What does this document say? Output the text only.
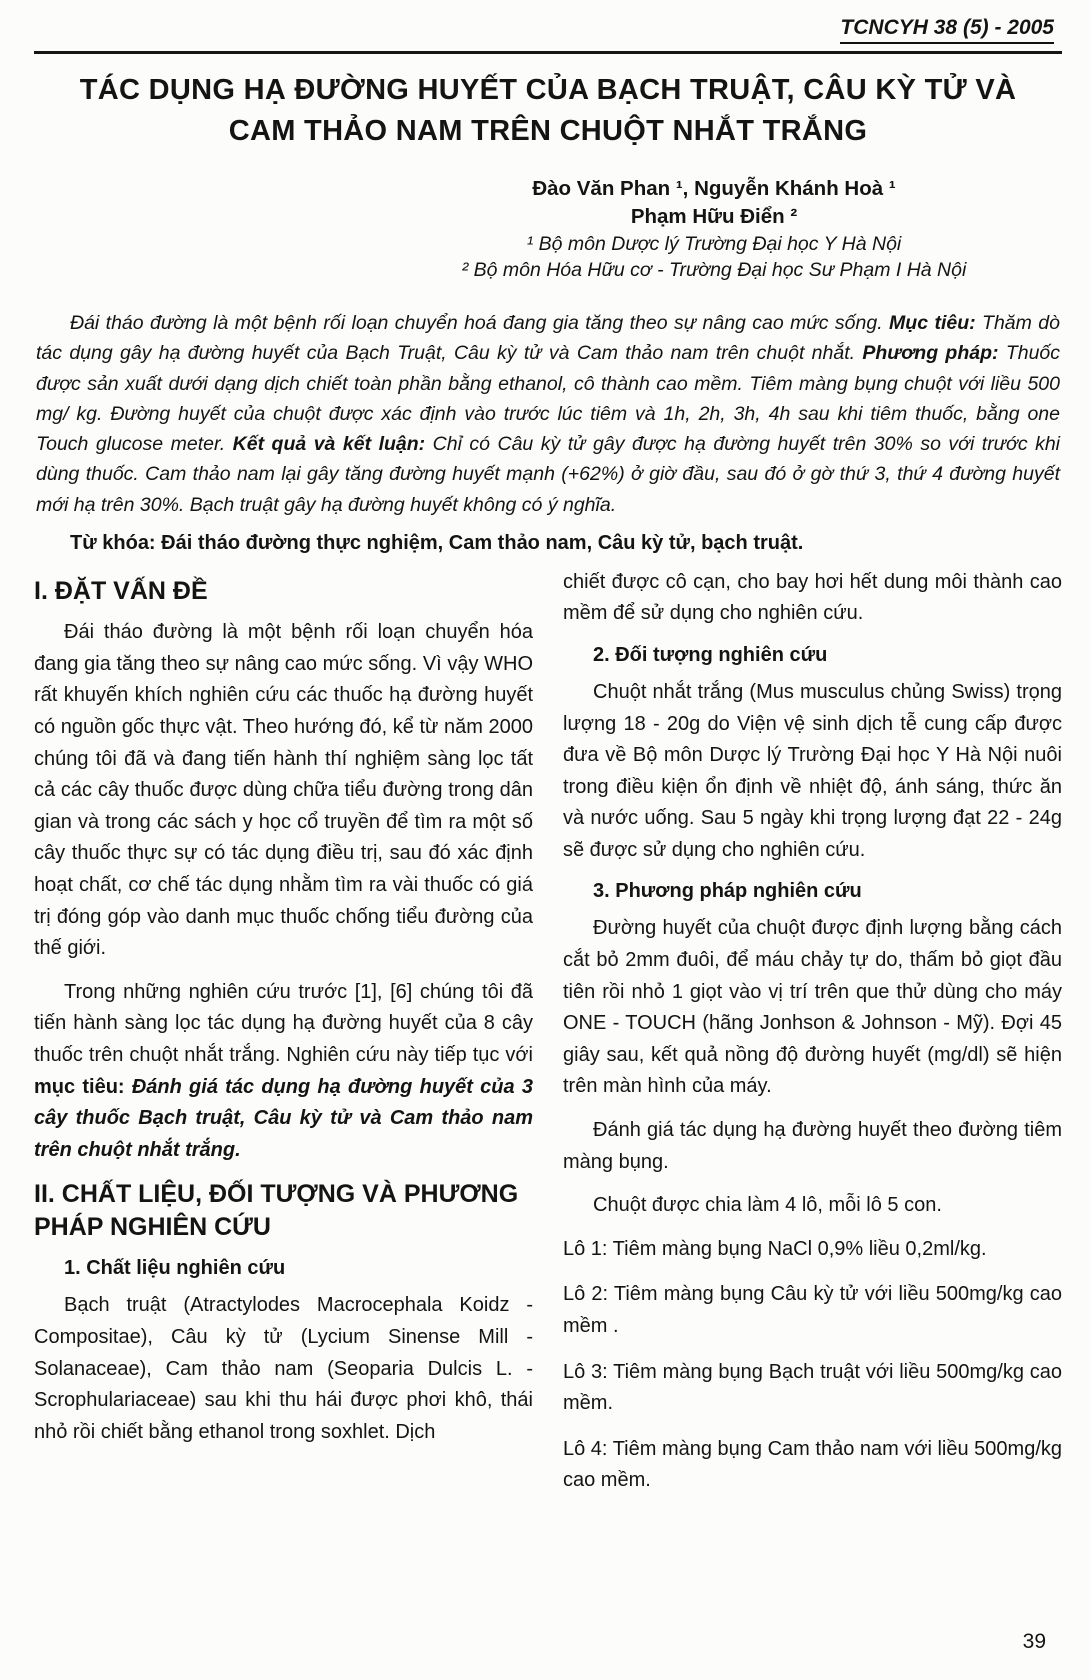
TCNCYH 38 (5) - 2005
TÁC DỤNG HẠ ĐƯỜNG HUYẾT CỦA BẠCH TRUẬT, CÂU KỲ TỬ VÀ CAM THẢO NAM TRÊN CHUỘT NHẮT TRẮNG

Đào Văn Phan ¹, Nguyễn Khánh Hoà ¹

Phạm Hữu Điển ²

¹ Bộ môn Dược lý Trường Đại học Y Hà Nội

² Bộ môn Hóa Hữu cơ - Trường Đại học Sư Phạm I Hà Nội

Đái tháo đường là một bệnh rối loạn chuyển hoá đang gia tăng theo sự nâng cao mức sống. Mục tiêu: Thăm dò tác dụng gây hạ đường huyết của Bạch Truật, Câu kỳ tử và Cam thảo nam trên chuột nhắt. Phương pháp: Thuốc được sản xuất dưới dạng dịch chiết toàn phần bằng ethanol, cô thành cao mềm. Tiêm màng bụng chuột với liều 500 mg/ kg. Đường huyết của chuột được xác định vào trước lúc tiêm và 1h, 2h, 3h, 4h sau khi tiêm thuốc, bằng one Touch glucose meter. Kết quả và kết luận: Chỉ có Câu kỳ tử gây được hạ đường huyết trên 30% so với trước khi dùng thuốc. Cam thảo nam lại gây tăng đường huyết mạnh (+62%) ở giờ đầu, sau đó ở gờ thứ 3, thứ 4 đường huyết mới hạ trên 30%. Bạch truật gây hạ đường huyết không có ý nghĩa.

Từ khóa: Đái tháo đường thực nghiệm, Cam thảo nam, Câu kỳ tử, bạch truật.

I. ĐẶT VẤN ĐỀ

Đái tháo đường là một bệnh rối loạn chuyển hóa đang gia tăng theo sự nâng cao mức sống. Vì vậy WHO rất khuyến khích nghiên cứu các thuốc hạ đường huyết có nguồn gốc thực vật. Theo hướng đó, kể từ năm 2000 chúng tôi đã và đang tiến hành thí nghiệm sàng lọc tất cả các cây thuốc được dùng chữa tiểu đường trong dân gian và trong các sách y học cổ truyền để tìm ra một số cây thuốc thực sự có tác dụng điều trị, sau đó xác định hoạt chất, cơ chế tác dụng nhằm tìm ra vài thuốc có giá trị đóng góp vào danh mục thuốc chống tiểu đường của thế giới.

Trong những nghiên cứu trước [1], [6] chúng tôi đã tiến hành sàng lọc tác dụng hạ đường huyết của 8 cây thuốc trên chuột nhắt trắng. Nghiên cứu này tiếp tục với mục tiêu: Đánh giá tác dụng hạ đường huyết của 3 cây thuốc Bạch truật, Câu kỳ tử và Cam thảo nam trên chuột nhắt trắng.

II. CHẤT LIỆU, ĐỐI TƯỢNG VÀ PHƯƠNG PHÁP NGHIÊN CỨU
1. Chất liệu nghiên cứu

Bạch truật (Atractylodes Macrocephala Koidz - Compositae), Câu kỳ tử (Lycium Sinense Mill - Solanaceae), Cam thảo nam (Seoparia Dulcis L. - Scrophulariaceae) sau khi thu hái được phơi khô, thái nhỏ rồi chiết bằng ethanol trong soxhlet. Dịch

chiết được cô cạn, cho bay hơi hết dung môi thành cao mềm để sử dụng cho nghiên cứu.

2. Đối tượng nghiên cứu

Chuột nhắt trắng (Mus musculus chủng Swiss) trọng lượng 18 - 20g do Viện vệ sinh dịch tễ cung cấp được đưa về Bộ môn Dược lý Trường Đại học Y Hà Nội nuôi trong điều kiện ổn định về nhiệt độ, ánh sáng, thức ăn và nước uống. Sau 5 ngày khi trọng lượng đạt 22 - 24g sẽ được sử dụng cho nghiên cứu.

3. Phương pháp nghiên cứu

Đường huyết của chuột được định lượng bằng cách cắt bỏ 2mm đuôi, để máu chảy tự do, thấm bỏ giọt đầu tiên rồi nhỏ 1 giọt vào vị trí trên que thử dùng cho máy ONE - TOUCH (hãng Jonhson & Johnson - Mỹ). Đợi 45 giây sau, kết quả nồng độ đường huyết (mg/dl) sẽ hiện trên màn hình của máy.

Đánh giá tác dụng hạ đường huyết theo đường tiêm màng bụng.

Chuột được chia làm 4 lô, mỗi lô 5 con.

Lô 1: Tiêm màng bụng NaCl 0,9% liều 0,2ml/kg.

Lô 2: Tiêm màng bụng Câu kỳ tử với liều 500mg/kg cao mềm .

Lô 3: Tiêm màng bụng Bạch truật với liều 500mg/kg cao mềm.

Lô 4: Tiêm màng bụng Cam thảo nam với liều 500mg/kg cao mềm.

39
